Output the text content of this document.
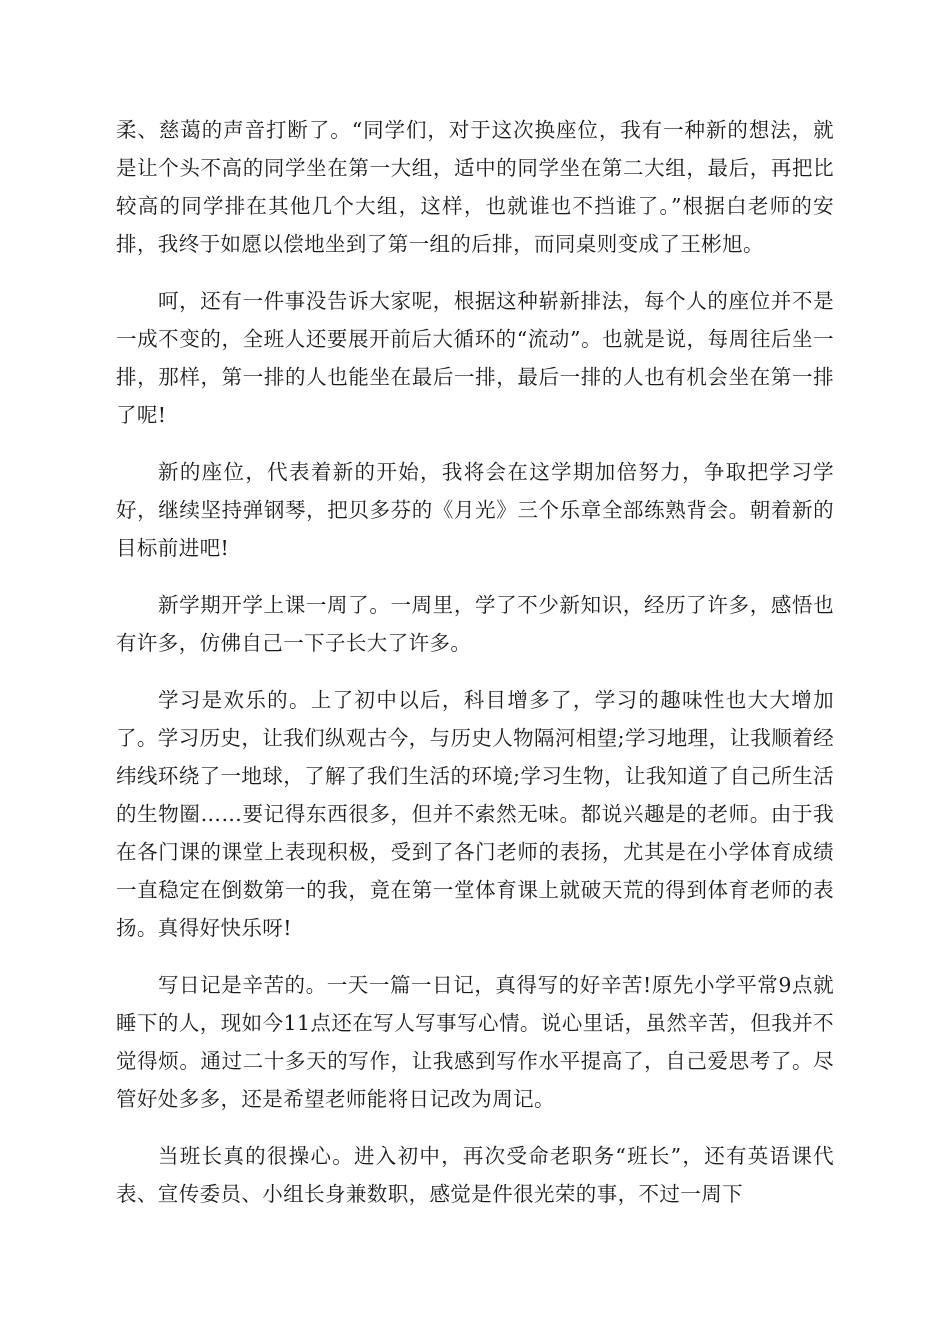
柔、慈蔼的声音打断了。“同学们，对于这次换座位，我有一种新的想法，就是让个头不高的同学坐在第一大组，适中的同学坐在第二大组，最后，再把比较高的同学排在其他几个大组，这样，也就谁也不挡谁了。”根据白老师的安排，我终于如愿以偿地坐到了第一组的后排，而同桌则变成了王彬旭。

呵，还有一件事没告诉大家呢，根据这种崭新排法，每个人的座位并不是一成不变的，全班人还要展开前后大循环的“流动”。也就是说，每周往后坐一排，那样，第一排的人也能坐在最后一排，最后一排的人也有机会坐在第一排了呢!

新的座位，代表着新的开始，我将会在这学期加倍努力，争取把学习学好，继续坚持弹钢琴，把贝多芬的《月光》三个乐章全部练熟背会。朝着新的目标前进吧!

新学期开学上课一周了。一周里，学了不少新知识，经历了许多，感悟也有许多，仿佛自己一下子长大了许多。

学习是欢乐的。上了初中以后，科目增多了，学习的趣味性也大大增加了。学习历史，让我们纵观古今，与历史人物隔河相望;学习地理，让我顺着经纬线环绕了一地球，了解了我们生活的环境;学习生物，让我知道了自己所生活的生物圈……要记得东西很多，但并不索然无味。都说兴趣是的老师。由于我在各门课的课堂上表现积极，受到了各门老师的表扬，尤其是在小学体育成绩一直稳定在倒数第一的我，竟在第一堂体育课上就破天荒的得到体育老师的表扬。真得好快乐呀!

写日记是辛苦的。一天一篇一日记，真得写的好辛苦!原先小学平常9点就睡下的人，现如今11点还在写人写事写心情。说心里话，虽然辛苦，但我并不觉得烦。通过二十多天的写作，让我感到写作水平提高了，自己爱思考了。尽管好处多多，还是希望老师能将日记改为周记。

当班长真的很操心。进入初中，再次受命老职务“班长”，还有英语课代表、宣传委员、小组长身兼数职，感觉是件很光荣的事，不过一周下
